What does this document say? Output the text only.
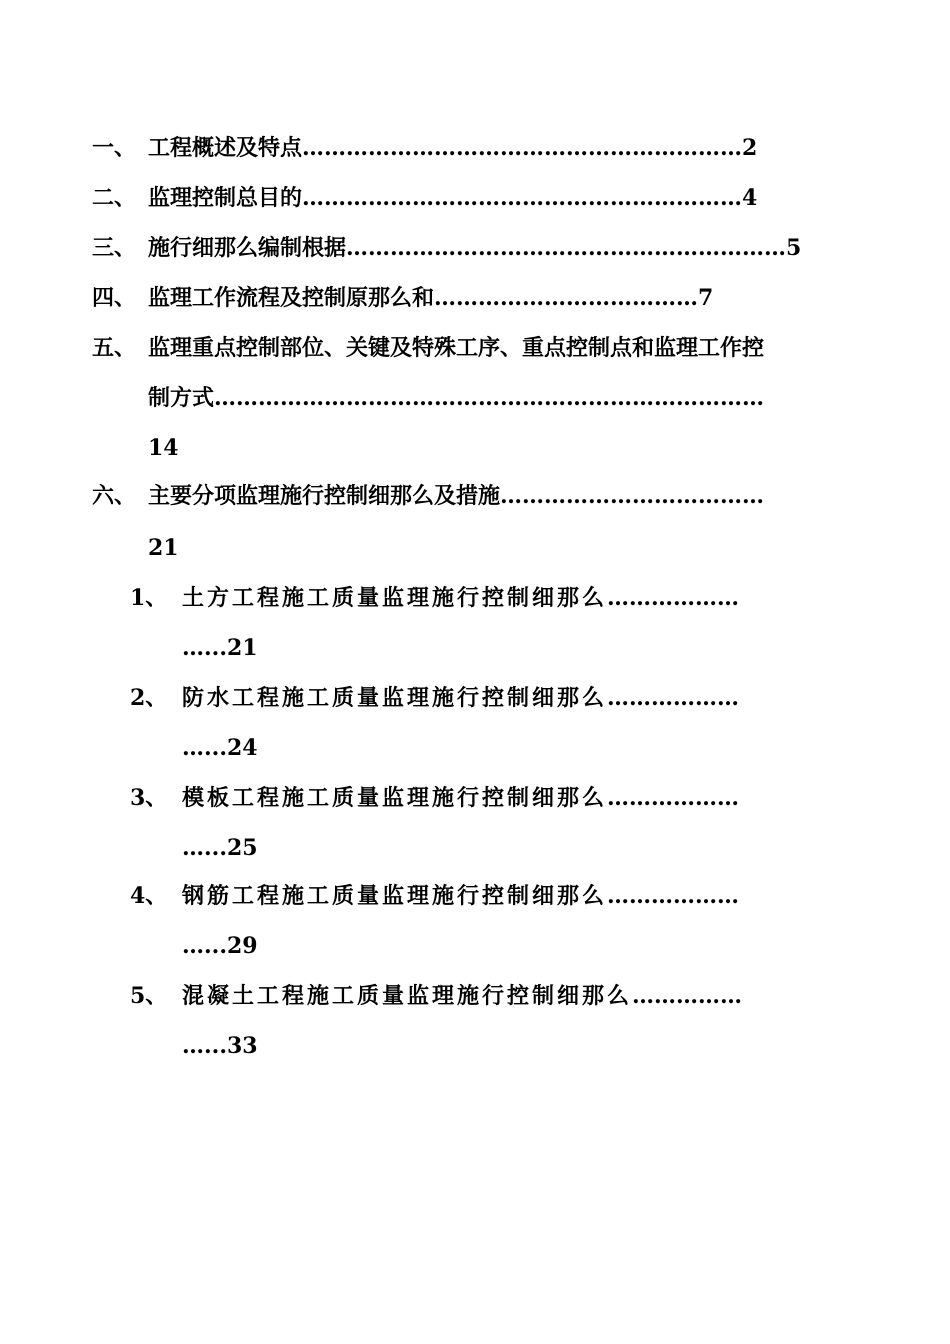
一、 工程概述及特点……………………………………………………2
二、 监理控制总目的……………………………………………………4
三、 施行细那么编制根据……………………………………………………5
四、 监理工作流程及控制原那么和………………………………7
五、 监理重点控制部位、关键及特殊工序、重点控制点和监理工作控
制方式…………………………………………………………………
14
六、 主要分项监理施行控制细那么及措施………………………………
21
1、 土方工程施工质量监理施行控制细那么………………
…...21
2、 防水工程施工质量监理施行控制细那么………………
…...24
3、 模板工程施工质量监理施行控制细那么………………
…...25
4、 钢筋工程施工质量监理施行控制细那么………………
…...29
5、 混凝土工程施工质量监理施行控制细那么……………
…...33
